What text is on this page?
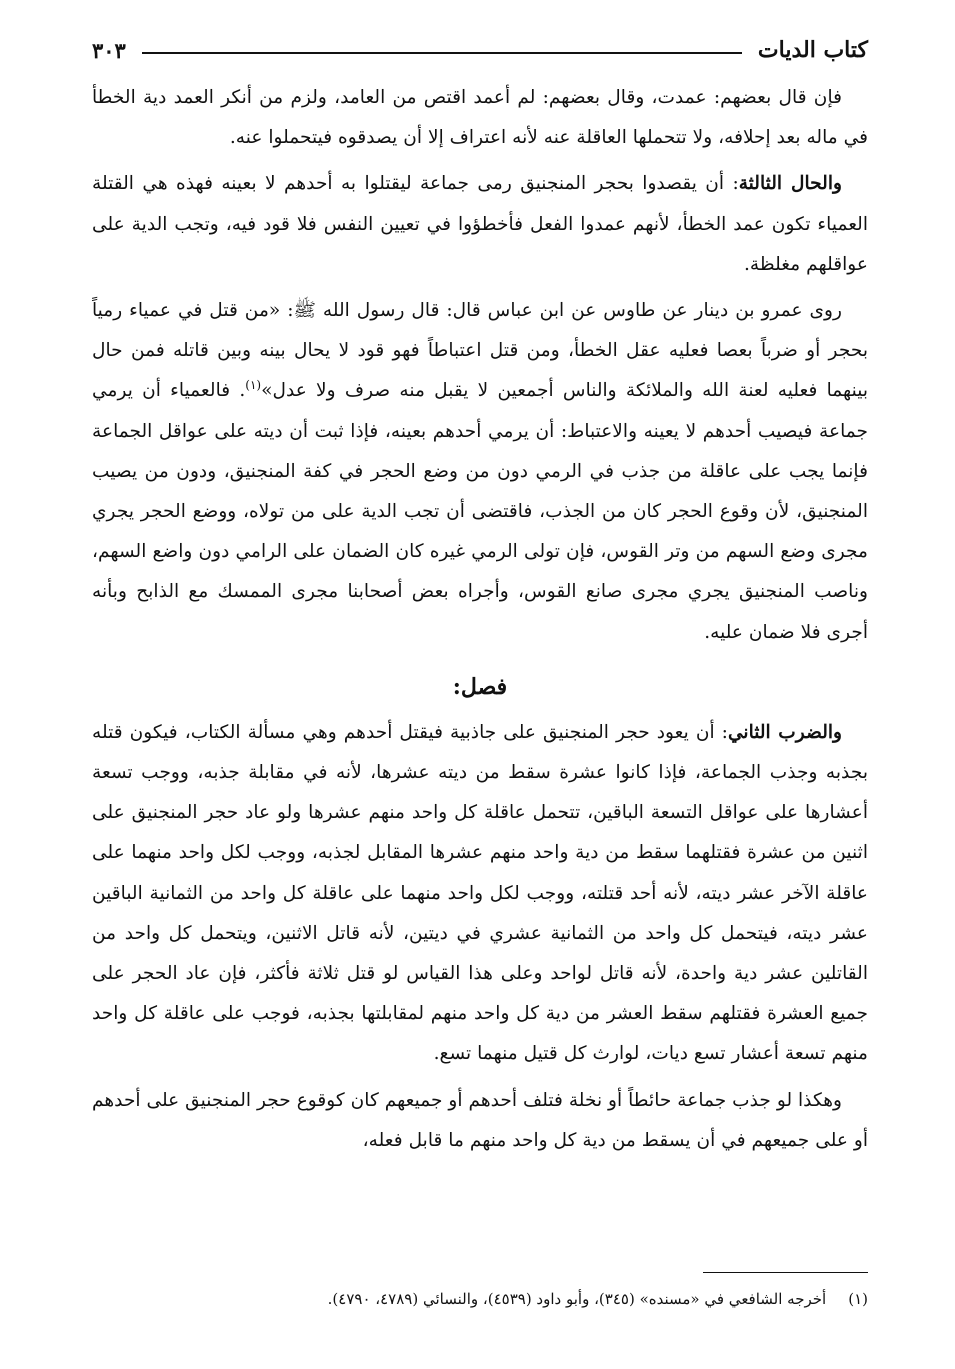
كتاب الديات
٣٠٣

فإن قال بعضهم: عمدت، وقال بعضهم: لم أعمد اقتص من العامد، ولزم من أنكر العمد دية الخطأ في ماله بعد إحلافه، ولا تتحملها العاقلة عنه لأنه اعتراف إلا أن يصدقوه فيتحملوا عنه.

والحال الثالثة: أن يقصدوا بحجر المنجنيق رمى جماعة ليقتلوا به أحدهم لا بعينه فهذه هي القتلة العمياء تكون عمد الخطأ، لأنهم عمدوا الفعل فأخطؤوا في تعيين النفس فلا قود فيه، وتجب الدية على عواقلهم مغلظة.

روى عمرو بن دينار عن طاوس عن ابن عباس قال: قال رسول الله ﷺ: «من قتل في عمياء رمياً بحجر أو ضرباً بعصا فعليه عقل الخطأ، ومن قتل اعتباطاً فهو قود لا يحال بينه وبين قاتله فمن حال بينهما فعليه لعنة الله والملائكة والناس أجمعين لا يقبل منه صرف ولا عدل»$^{(١)}$. فالعمياء أن يرمي جماعة فيصيب أحدهم لا يعينه والاعتباط: أن يرمي أحدهم بعينه، فإذا ثبت أن ديته على عواقل الجماعة فإنما يجب على عاقلة من جذب في الرمي دون من وضع الحجر في كفة المنجنيق، ودون من يصيب المنجنيق، لأن وقوع الحجر كان من الجذب، فاقتضى أن تجب الدية على من تولاه، ووضع الحجر يجري مجرى وضع السهم من وتر القوس، فإن تولى الرمي غيره كان الضمان على الرامي دون واضع السهم، وناصب المنجنيق يجري مجرى صانع القوس، وأجراه بعض أصحابنا مجرى الممسك مع الذابح وبأنه أجرى فلا ضمان عليه.

فصل:

والضرب الثاني: أن يعود حجر المنجنيق على جاذبية فيقتل أحدهم وهي مسألة الكتاب، فيكون قتله بجذبه وجذب الجماعة، فإذا كانوا عشرة سقط من ديته عشرها، لأنه في مقابلة جذبه، ووجب تسعة أعشارها على عواقل التسعة الباقين، تتحمل عاقلة كل واحد منهم عشرها ولو عاد حجر المنجنيق على اثنين من عشرة فقتلهما سقط من دية واحد منهم عشرها المقابل لجذبه، ووجب لكل واحد منهما على عاقلة الآخر عشر ديته، لأنه أحد قتلته، ووجب لكل واحد منهما على عاقلة كل واحد من الثمانية الباقين عشر ديته، فيتحمل كل واحد من الثمانية عشري في ديتين، لأنه قاتل الاثنين، ويتحمل كل واحد من القاتلين عشر دية واحدة، لأنه قاتل لواحد وعلى هذا القياس لو قتل ثلاثة فأكثر، فإن عاد الحجر على جميع العشرة فقتلهم سقط العشر من دية كل واحد منهم لمقابلتها بجذبه، فوجب على عاقلة كل واحد منهم تسعة أعشار تسع ديات، لوارث كل قتيل منهما تسع.

وهكذا لو جذب جماعة حائطاً أو نخلة فتلف أحدهم أو جميعهم كان كوقوع حجر المنجنيق على أحدهم أو على جميعهم في أن يسقط من دية كل واحد منهم ما قابل فعله،

(١)
أخرجه الشافعي في «مسنده» (٣٤٥)، وأبو داود (٤٥٣٩)، والنسائي (٤٧٨٩، ٤٧٩٠).
